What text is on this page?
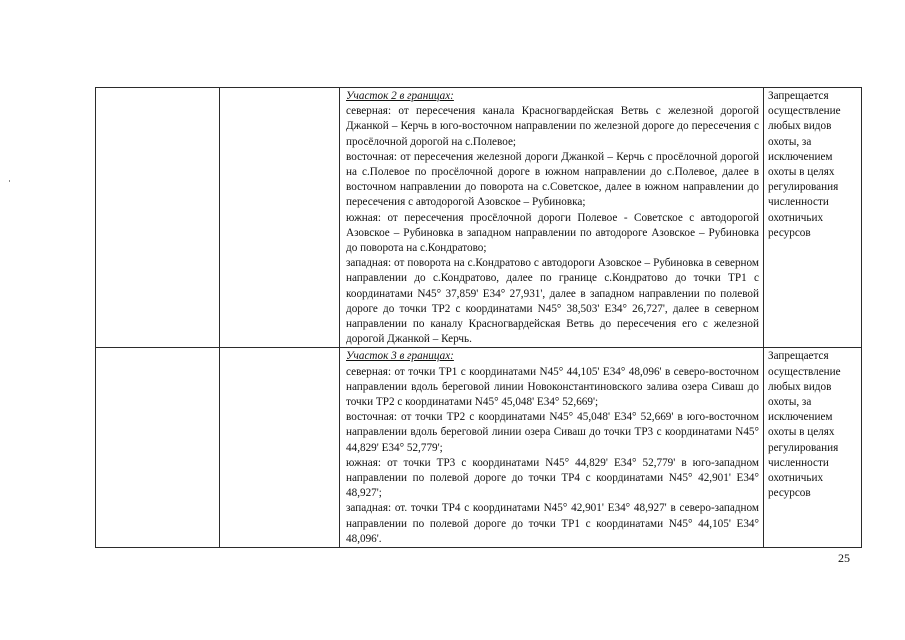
		Участок 2 в границах:
северная: от пересечения канала Красногвардейская Ветвь с железной дорогой Джанкой – Керчь в юго-восточном направлении по железной дороге до пересечения с просёлочной дорогой на с.Полевое;
восточная: от пересечения железной дороги Джанкой – Керчь с просёлочной дорогой на с.Полевое по просёлочной дороге в южном направлении до с.Полевое, далее в восточном направлении до поворота на с.Советское, далее в южном направлении до пересечения с автодорогой Азовское – Рубиновка;
южная: от пересечения просёлочной дороги Полевое - Советское с автодорогой Азовское – Рубиновка в западном направлении по автодороге Азовское – Рубиновка до поворота на с.Кондратово;
западная: от поворота на с.Кондратово с автодороги Азовское – Рубиновка в северном направлении до с.Кондратово, далее по границе с.Кондратово до точки ТР1 с координатами N45° 37,859' E34° 27,931', далее в западном направлении по полевой дороге до точки ТР2 с координатами N45° 38,503' E34° 26,727', далее в северном направлении по каналу Красногвардейская Ветвь до пересечения его с железной дорогой Джанкой – Керчь.	Запрещается осуществление любых видов охоты, за исключением охоты в целях регулирования численности охотничьих ресурсов

		Участок 3 в границах:
северная: от точки ТР1 с координатами N45° 44,105' E34° 48,096' в северо-восточном направлении вдоль береговой линии Новоконстантиновского залива озера Сиваш до точки ТР2 с координатами N45° 45,048' E34° 52,669';
восточная: от точки ТР2 с координатами N45° 45,048' E34° 52,669' в юго-восточном направлении вдоль береговой линии озера Сиваш до точки ТР3 с координатами N45° 44,829' E34° 52,779';
южная: от точки ТР3 с координатами N45° 44,829' E34° 52,779' в юго-западном направлении по полевой дороге до точки ТР4 с координатами N45° 42,901' E34° 48,927';
западная: от. точки ТР4 с координатами N45° 42,901' E34° 48,927' в северо-западном направлении по полевой дороге до точки ТР1 с координатами N45° 44,105' E34° 48,096'.	Запрещается осуществление любых видов охоты, за исключением охоты в целях регулирования численности охотничьих ресурсов
25
